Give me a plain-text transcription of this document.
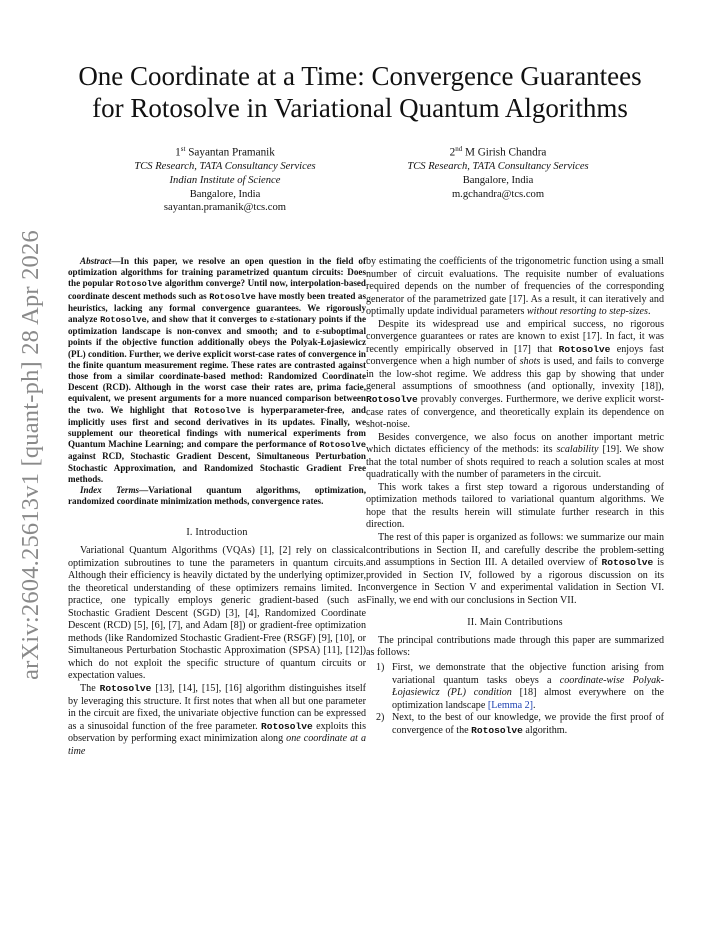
arXiv:2604.25613v1 [quant-ph] 28 Apr 2026
One Coordinate at a Time: Convergence Guarantees
for Rotosolve in Variational Quantum Algorithms
1st Sayantan Pramanik
TCS Research, TATA Consultancy Services
Indian Institute of Science
Bangalore, India
sayantan.pramanik@tcs.com
2nd M Girish Chandra
TCS Research, TATA Consultancy Services
Bangalore, India
m.gchandra@tcs.com

Abstract—In this paper, we resolve an open question in the field of optimization algorithms for training parametrized quantum circuits: Does the popular Rotosolve algorithm converge? Until now, interpolation-based coordinate descent methods such as Rotosolve have mostly been treated as heuristics, lacking any formal convergence guarantees. We rigorously analyze Rotosolve, and show that it converges to ε-stationary points if the optimization landscape is non-convex and smooth; and to ε-suboptimal points if the objective function additionally obeys the Polyak-Łojasiewicz (PL) condition. Further, we derive explicit worst-case rates of convergence in the finite quantum measurement regime. These rates are contrasted against those from a similar coordinate-based method: Randomized Coordinate Descent (RCD). Although in the worst case their rates are, prima facie, equivalent, we present arguments for a more nuanced comparison between the two. We highlight that Rotosolve is hyperparameter-free, and implicitly uses first and second derivatives in its updates. Finally, we supplement our theoretical findings with numerical experiments from Quantum Machine Learning; and compare the performance of Rotosolve against RCD, Stochastic Gradient Descent, Simultaneous Perturbation Stochastic Approximation, and Randomized Stochastic Gradient Free methods.

Index Terms—Variational quantum algorithms, optimization, randomized coordinate minimization methods, convergence rates.

I. Introduction

Variational Quantum Algorithms (VQAs) [1], [2] rely on classical optimization subroutines to tune the parameters in quantum circuits. Although their efficiency is heavily dictated by the underlying optimizer, the theoretical understanding of these optimizers remains limited. In practice, one typically employs generic gradient-based (such as Stochastic Gradient Descent (SGD) [3], [4], Randomized Coordinate Descent (RCD) [5], [6], [7], and Adam [8]) or gradient-free optimization methods (like Randomized Stochastic Gradient-Free (RSGF) [9], [10], or Simultaneous Perturbation Stochastic Approximation (SPSA) [11], [12]) which do not exploit the specific structure of quantum circuits or expectation values.

The Rotosolve [13], [14], [15], [16] algorithm distinguishes itself by leveraging this structure. It first notes that when all but one parameter in the circuit are fixed, the univariate objective function can be expressed as a sinusoidal function of the free parameter. Rotosolve exploits this observation by performing exact minimization along one coordinate at a time

by estimating the coefficients of the trigonometric function using a small number of circuit evaluations. The requisite number of evaluations required depends on the number of frequencies of the corresponding generator of the parametrized gate [17]. As a result, it can iteratively and optimally update individual parameters without resorting to step-sizes.

Despite its widespread use and empirical success, no rigorous convergence guarantees or rates are known to exist [17]. In fact, it was recently empirically observed in [17] that Rotosolve enjoys fast convergence when a high number of shots is used, and fails to converge in the low-shot regime. We address this gap by showing that under general assumptions of smoothness (and optionally, invexity [18]), Rotosolve provably converges. Furthermore, we derive explicit worst-case rates of convergence, and theoretically explain its dependence on shot-noise.

Besides convergence, we also focus on another important metric which dictates efficiency of the methods: its scalability [19]. We show that the total number of shots required to reach a solution scales at most quadratically with the number of parameters in the circuit.

This work takes a first step toward a rigorous understanding of optimization methods tailored to variational quantum algorithms. We hope that the results herein will stimulate further research in this direction.

The rest of this paper is organized as follows: we summarize our main contributions in Section II, and carefully describe the problem-setting and assumptions in Section III. A detailed overview of Rotosolve is provided in Section IV, followed by a rigorous discussion on its convergence in Section V and experimental validation in Section VI. Finally, we end with our conclusions in Section VII.

II. Main Contributions

The principal contributions made through this paper are summarized as follows:

1) First, we demonstrate that the objective function arising from variational quantum tasks obeys a coordinate-wise Polyak-Łojasiewicz (PL) condition [18] almost everywhere on the optimization landscape [Lemma 2].
2) Next, to the best of our knowledge, we provide the first proof of convergence of the Rotosolve algorithm.
